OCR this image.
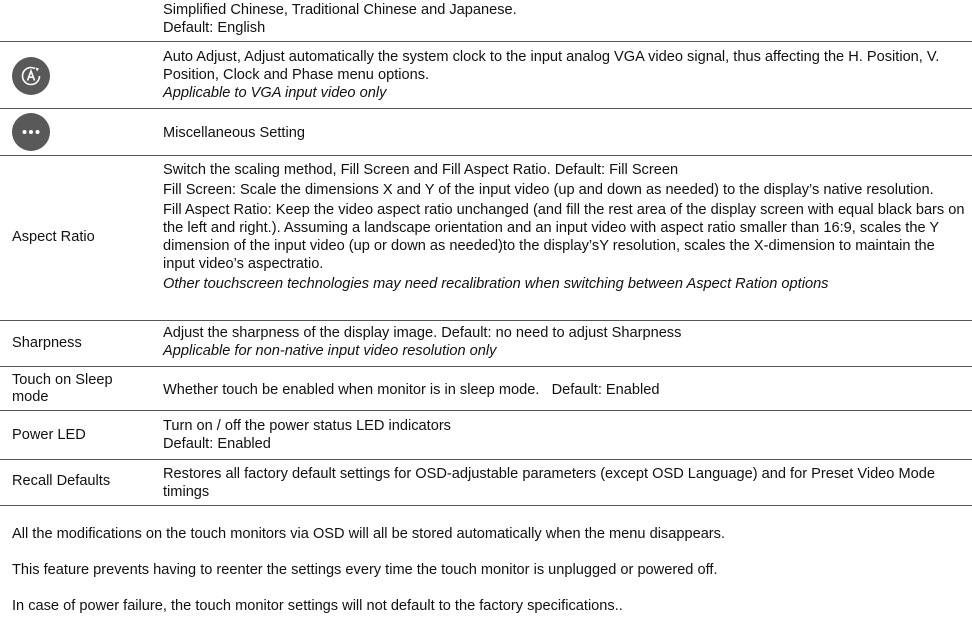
Simplified Chinese, Traditional Chinese and Japanese.

Default: English

Auto Adjust, Adjust automatically the system clock to the input analog VGA video signal, thus affecting the H. Position, V. Position, Clock and Phase menu options.

Applicable to VGA input video only

Miscellaneous Setting

Aspect Ratio

Switch the scaling method, Fill Screen and Fill Aspect Ratio. Default: Fill Screen

Fill Screen: Scale the dimensions X and Y of the input video (up and down as needed) to the display’s native resolution.

Fill Aspect Ratio: Keep the video aspect ratio unchanged (and fill the rest area of the display screen with equal black bars on the left and right.). Assuming a landscape orientation and an input video with aspect ratio smaller than 16:9, scales the Y dimension of the input video (up or down as needed)to the display’sY resolution, scales the X-dimension to maintain the input video’s aspectratio.

Other touchscreen technologies may need recalibration when switching between Aspect Ration options

Sharpness

Adjust the sharpness of the display image. Default: no need to adjust Sharpness

Applicable for non-native input video resolution only

Touch on Sleep mode	Whether touch be enabled when monitor is in sleep mode.   Default: Enabled

Power LED

Turn on / off the power status LED indicators

Default: Enabled

Recall Defaults	Restores all factory default settings for OSD-adjustable parameters (except OSD Language) and for Preset Video Mode timings

All the modifications on the touch monitors via OSD will all be stored automatically when the menu disappears.
This feature prevents having to reenter the settings every time the touch monitor is unplugged or powered off.
In case of power failure, the touch monitor settings will not default to the factory specifications..
